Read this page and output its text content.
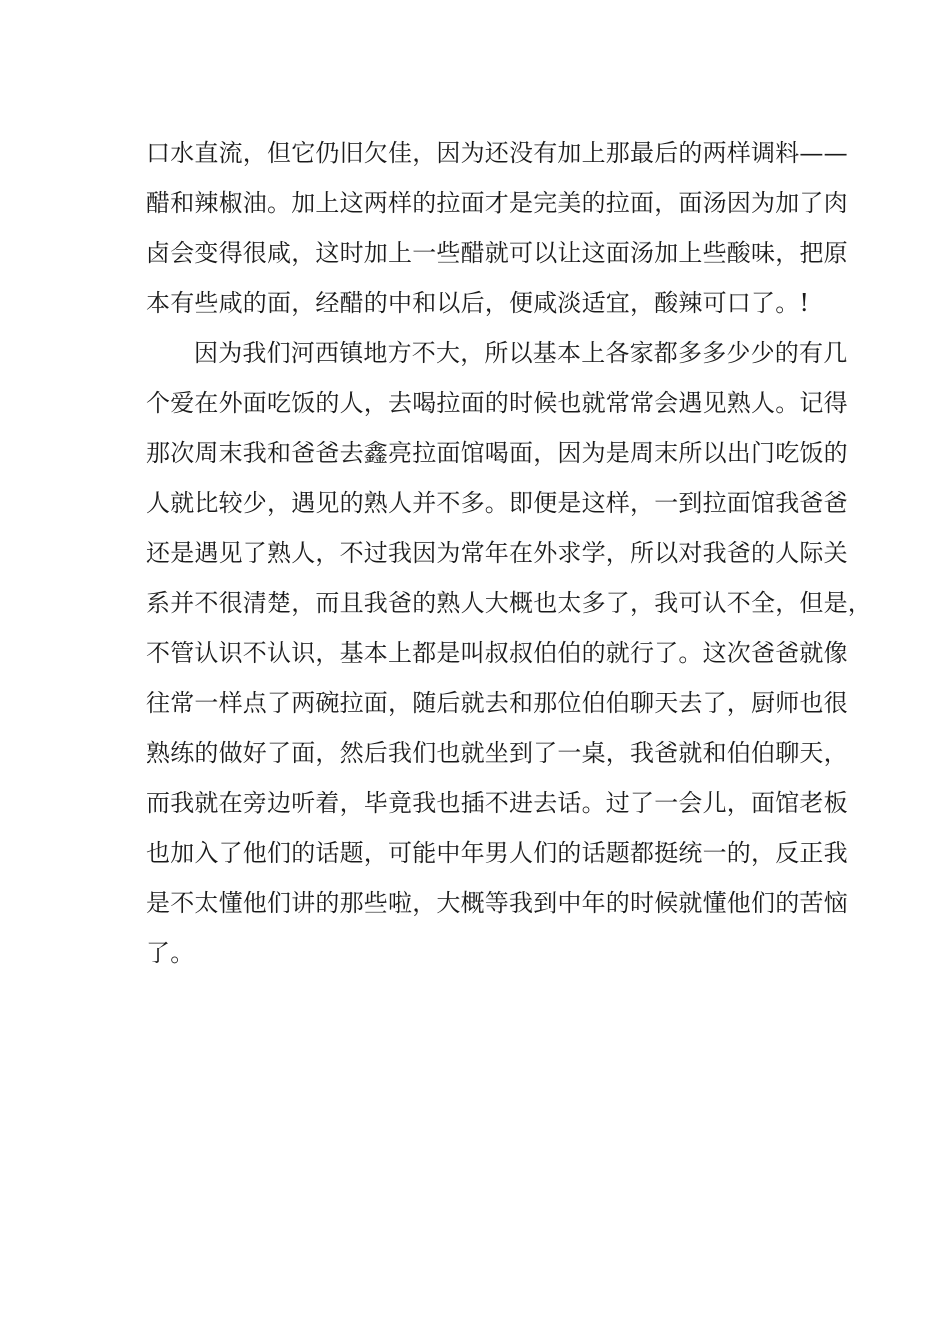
口水直流，但它仍旧欠佳，因为还没有加上那最后的两样调料——
醋和辣椒油。加上这两样的拉面才是完美的拉面，面汤因为加了肉
卤会变得很咸，这时加上一些醋就可以让这面汤加上些酸味，把原
本有些咸的面，经醋的中和以后，便咸淡适宜，酸辣可口了。!
因为我们河西镇地方不大，所以基本上各家都多多少少的有几
个爱在外面吃饭的人，去喝拉面的时候也就常常会遇见熟人。记得
那次周末我和爸爸去鑫亮拉面馆喝面，因为是周末所以出门吃饭的
人就比较少，遇见的熟人并不多。即便是这样，一到拉面馆我爸爸
还是遇见了熟人，不过我因为常年在外求学，所以对我爸的人际关
系并不很清楚，而且我爸的熟人大概也太多了，我可认不全，但是，
不管认识不认识，基本上都是叫叔叔伯伯的就行了。这次爸爸就像
往常一样点了两碗拉面，随后就去和那位伯伯聊天去了，厨师也很
熟练的做好了面，然后我们也就坐到了一桌，我爸就和伯伯聊天，
而我就在旁边听着，毕竟我也插不进去话。过了一会儿，面馆老板
也加入了他们的话题，可能中年男人们的话题都挺统一的，反正我
是不太懂他们讲的那些啦，大概等我到中年的时候就懂他们的苦恼
了。
